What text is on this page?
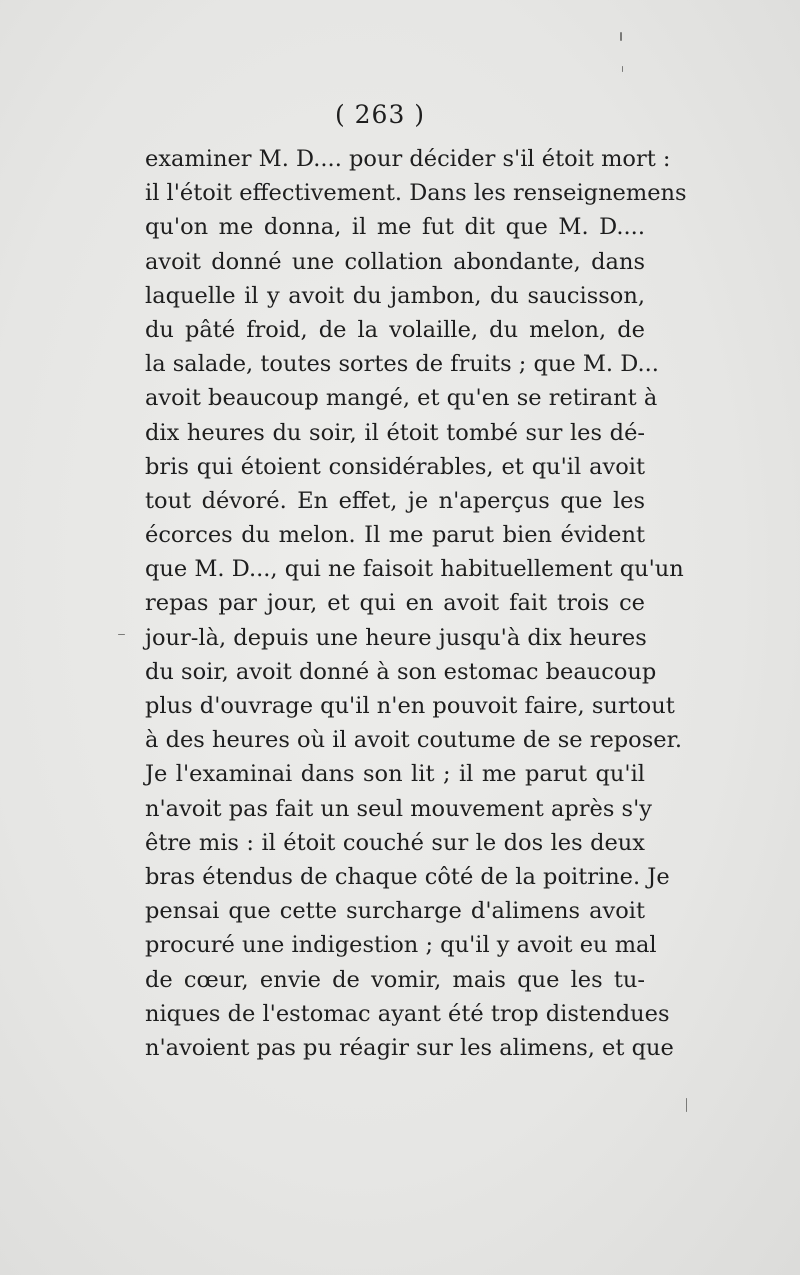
( 263 )
examiner M. D.... pour décider s'il étoit mort :
il l'étoit effectivement. Dans les renseignemens
qu'on me donna, il me fut dit que M. D....
avoit donné une collation abondante, dans
laquelle il y avoit du jambon, du saucisson,
du pâté froid, de la volaille, du melon, de
la salade, toutes sortes de fruits ; que M. D...
avoit beaucoup mangé, et qu'en se retirant à
dix heures du soir, il étoit tombé sur les dé-
bris qui étoient considérables, et qu'il avoit
tout dévoré. En effet, je n'aperçus que les
écorces du melon. Il me parut bien évident
que M. D..., qui ne faisoit habituellement qu'un
repas par jour, et qui en avoit fait trois ce
jour-là, depuis une heure jusqu'à dix heures
du soir, avoit donné à son estomac beaucoup
plus d'ouvrage qu'il n'en pouvoit faire, surtout
à des heures où il avoit coutume de se reposer.
Je l'examinai dans son lit ; il me parut qu'il
n'avoit pas fait un seul mouvement après s'y
être mis : il étoit couché sur le dos les deux
bras étendus de chaque côté de la poitrine. Je
pensai que cette surcharge d'alimens avoit
procuré une indigestion ; qu'il y avoit eu mal
de cœur, envie de vomir, mais que les tu-
niques de l'estomac ayant été trop distendues
n'avoient pas pu réagir sur les alimens, et que
